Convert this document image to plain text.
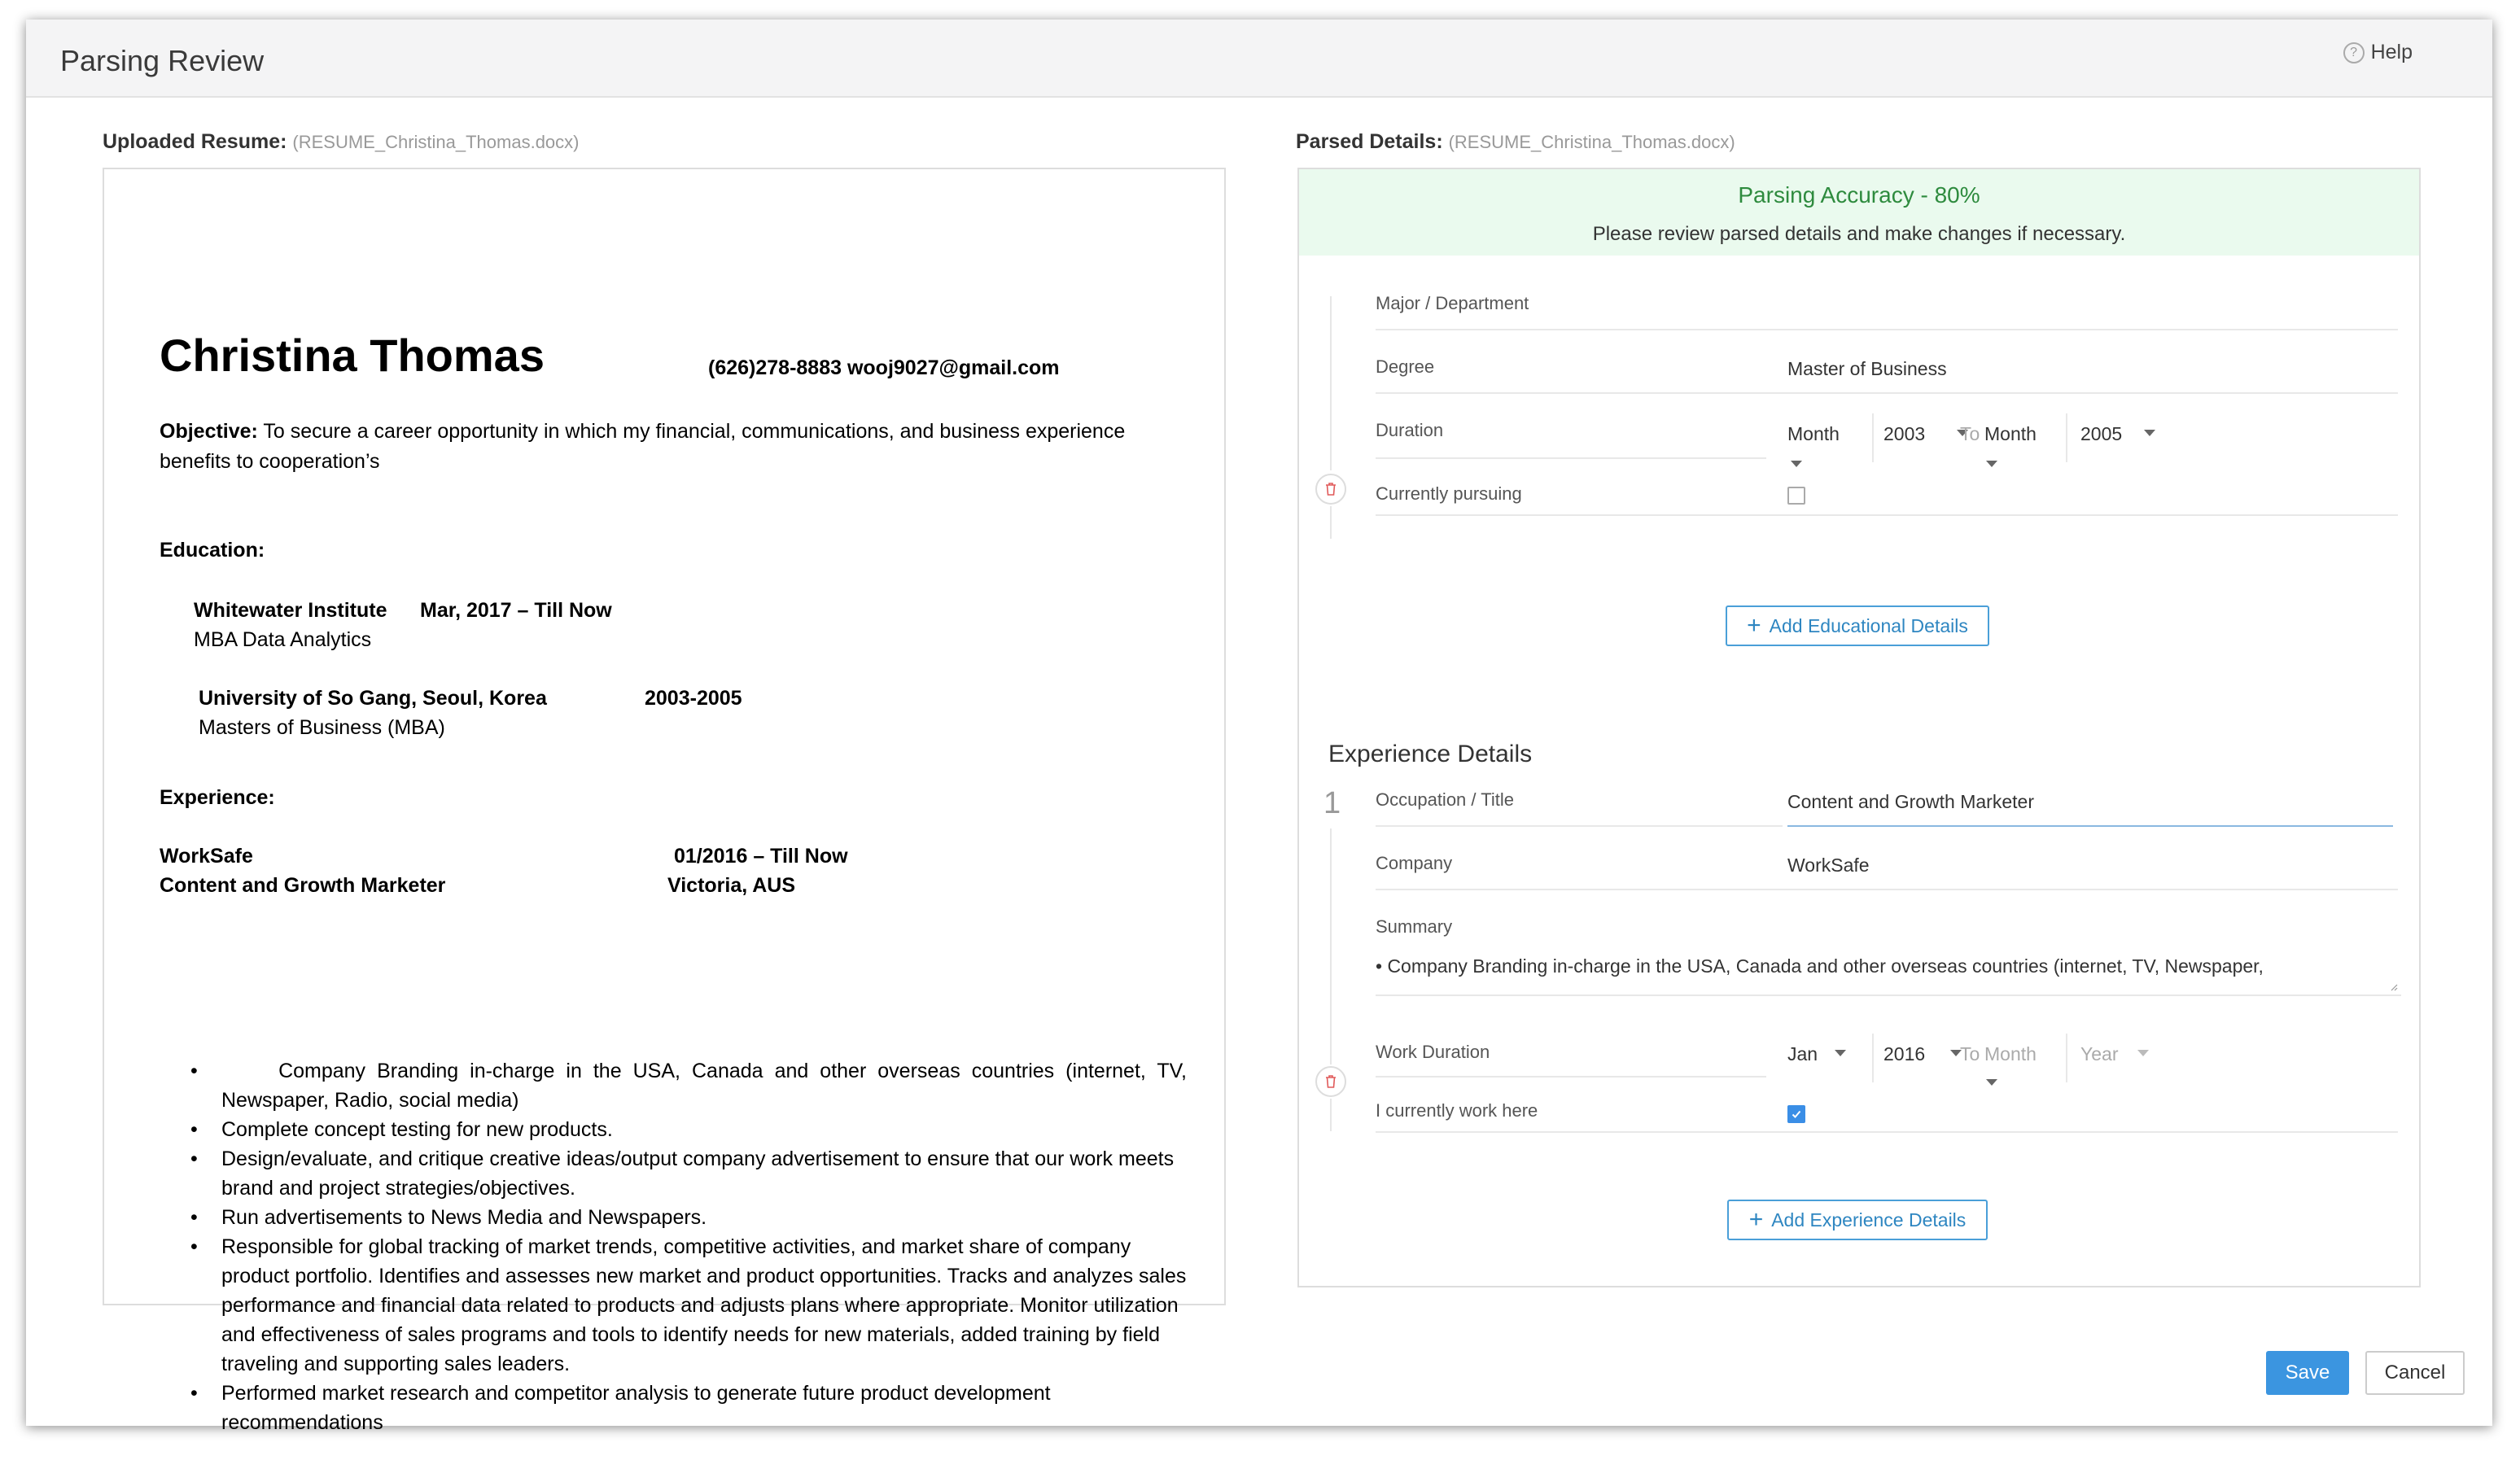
Parsing Review	? Help
Uploaded Resume: (RESUME_Christina_Thomas.docx)	Parsed Details: (RESUME_Christina_Thomas.docx)
Christina Thomas	(626)278-8883 wooj9027@gmail.com
Objective: To secure a career opportunity in which my financial, communications, and business experience benefits to cooperation’s
Education:
Whitewater Institute Mar, 2017 – Till Now
MBA Data Analytics
University of So Gang, Seoul, Korea	2003-2005
Masters of Business (MBA)
Experience:
WorkSafe	01/2016 – Till Now
Content and Growth Marketer	Victoria, AUS
•      Company Branding in-charge in the USA, Canada and other overseas countries (internet, TV, Newspaper, Radio, social media)
• Complete concept testing for new products.
• Design/evaluate, and critique creative ideas/output company advertisement to ensure that our work meets brand and project strategies/objectives.
• Run advertisements to News Media and Newspapers.
• Responsible for global tracking of market trends, competitive activities, and market share of company product portfolio. Identifies and assesses new market and product opportunities. Tracks and analyzes sales performance and financial data related to products and adjusts plans where appropriate. Monitor utilization and effectiveness of sales programs and tools to identify needs for new materials, added training by field traveling and supporting sales leaders.
• Performed market research and competitor analysis to generate future product development recommendations
Parsing Accuracy - 80%
Please review parsed details and make changes if necessary.
Major / Department
Degree	Master of Business
Duration	Month 2003 To Month 2005
Currently pursuing
+ Add Educational Details
Experience Details
1 Occupation / Title	Content and Growth Marketer
Company	WorkSafe
Summary
• Company Branding in-charge in the USA, Canada and other overseas countries (internet, TV, Newspaper,
Work Duration	Jan	2016 To Month Year
I currently work here
+ Add Experience Details
Save	Cancel
